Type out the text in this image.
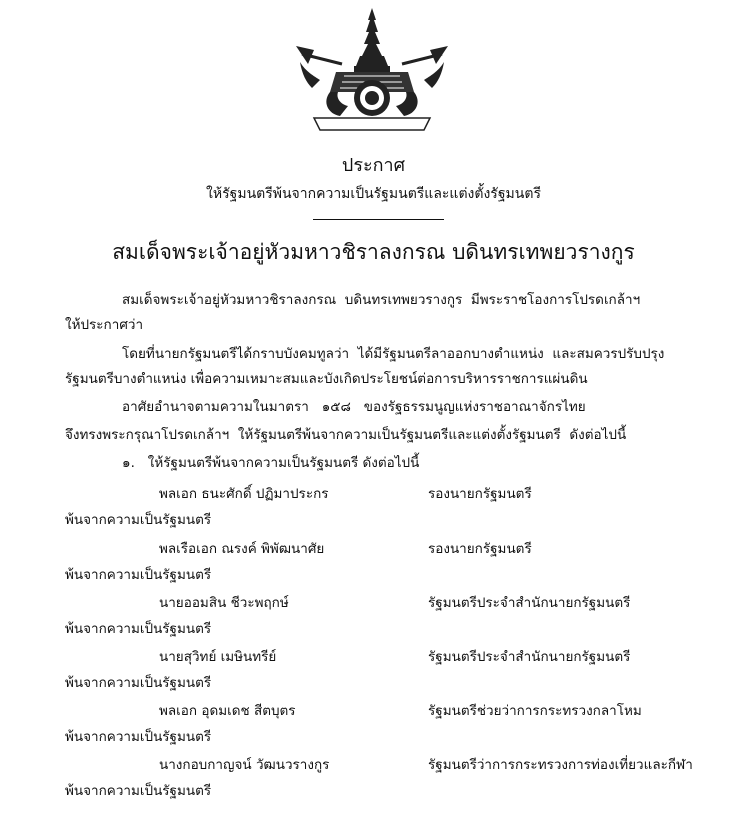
ประกาศ
ให้รัฐมนตรีพ้นจากความเป็นรัฐมนตรีและแต่งตั้งรัฐมนตรี
สมเด็จพระเจ้าอยู่หัวมหาวชิราลงกรณ บดินทรเทพยวรางกูร
สมเด็จพระเจ้าอยู่หัวมหาวชิราลงกรณ บดินทรเทพยวรางกูร มีพระราชโองการโปรดเกล้าฯ
ให้ประกาศว่า
โดยที่นายกรัฐมนตรีได้กราบบังคมทูลว่า ได้มีรัฐมนตรีลาออกบางตำแหน่ง และสมควรปรับปรุง
รัฐมนตรีบางตำแหน่ง เพื่อความเหมาะสมและบังเกิดประโยชน์ต่อการบริหารราชการแผ่นดิน
อาศัยอำนาจตามความในมาตรา ๑๕๘ ของรัฐธรรมนูญแห่งราชอาณาจักรไทย
จึงทรงพระกรุณาโปรดเกล้าฯ ให้รัฐมนตรีพ้นจากความเป็นรัฐมนตรีและแต่งตั้งรัฐมนตรี ดังต่อไปนี้
๑. ให้รัฐมนตรีพ้นจากความเป็นรัฐมนตรี ดังต่อไปนี้
พลเอก ธนะศักดิ์ ปฏิมาประกร	รองนายกรัฐมนตรี
พ้นจากความเป็นรัฐมนตรี
พลเรือเอก ณรงค์ พิพัฒนาศัย	รองนายกรัฐมนตรี
พ้นจากความเป็นรัฐมนตรี
นายออมสิน ชีวะพฤกษ์	รัฐมนตรีประจำสำนักนายกรัฐมนตรี
พ้นจากความเป็นรัฐมนตรี
นายสุวิทย์ เมษินทรีย์	รัฐมนตรีประจำสำนักนายกรัฐมนตรี
พ้นจากความเป็นรัฐมนตรี
พลเอก อุดมเดช สีตบุตร	รัฐมนตรีช่วยว่าการกระทรวงกลาโหม
พ้นจากความเป็นรัฐมนตรี
นางกอบกาญจน์ วัฒนวรางกูร	รัฐมนตรีว่าการกระทรวงการท่องเที่ยวและกีฬา
พ้นจากความเป็นรัฐมนตรี
